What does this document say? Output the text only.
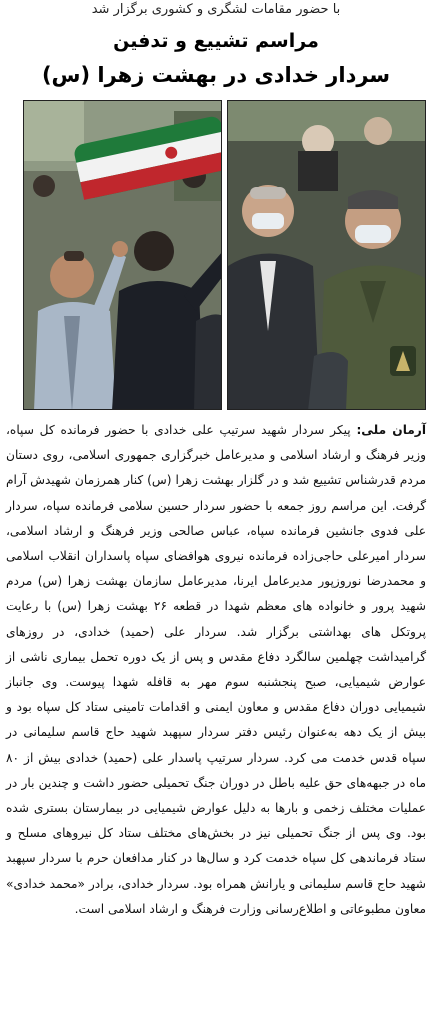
با حضور مقامات لشگری و کشوری برگزار شد
مراسم تشییع و تدفین
سردار خدادی در بهشت زهرا (س)
آرمان ملی: پیکر سردار شهید سرتیپ علی خدادی با حضور فرمانده کل سپاه، وزیر فرهنگ و ارشاد اسلامی و مدیرعامل خبرگزاری جمهوری اسلامی، روی دستان مردم قدرشناس تشییع شد و در گلزار بهشت زهرا (س) کنار همرزمان شهیدش آرام گرفت. این مراسم روز جمعه با حضور سردار حسین سلامی فرمانده سپاه، سردار علی فدوی جانشین فرمانده سپاه، عباس صالحی وزیر فرهنگ و ارشاد اسلامی، سردار امیرعلی حاجی‌زاده فرمانده نیروی هوافضای سپاه پاسداران انقلاب اسلامی و محمدرضا نوروزپور مدیرعامل ایرنا، مدیرعامل سازمان بهشت زهرا (س) مردم شهید پرور و خانواده های معظم شهدا در قطعه ۲۶ بهشت زهرا (س) با رعایت پروتکل های بهداشتی برگزار شد. سردار علی (حمید) خدادی، در روزهای گرامیداشت چهلمین سالگرد دفاع مقدس و پس از یک دوره تحمل بیماری ناشی از عوارض شیمیایی، صبح پنجشنبه سوم مهر به قافله شهدا پیوست. وی جانباز شیمیایی دوران دفاع مقدس و معاون ایمنی و اقدامات تامینی ستاد کل سپاه بود و بیش از یک دهه به‌عنوان رئیس دفتر سردار سپهبد شهید حاج قاسم سلیمانی در سپاه قدس خدمت می کرد. سردار سرتیپ پاسدار علی (حمید) خدادی بیش از ۸۰ ماه در جبهه‌های حق علیه باطل در دوران جنگ تحمیلی حضور داشت و چندین بار در عملیات مختلف زخمی و بارها به دلیل عوارض شیمیایی در بیمارستان بستری شده بود. وی پس از جنگ تحمیلی نیز در بخش‌های مختلف ستاد کل نیروهای مسلح و ستاد فرماندهی کل سپاه خدمت کرد و سال‌ها در کنار مدافعان حرم با سردار سپهبد شهید حاج قاسم سلیمانی و یارانش همراه بود. سردار خدادی، برادر «محمد خدادی» معاون مطبوعاتی و اطلاع‌رسانی وزارت فرهنگ و ارشاد اسلامی است.
